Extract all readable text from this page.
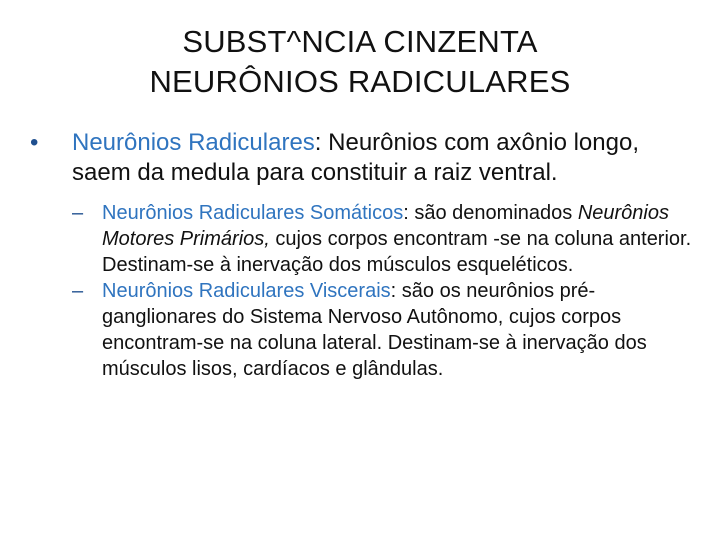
SUBST^NCIA CINZENTA
NEURÔNIOS RADICULARES
•	Neurônios Radiculares: Neurônios com axônio longo, saem da medula para constituir a raiz ventral.
– Neurônios Radiculares Somáticos: são denominados Neurônios Motores Primários, cujos corpos encontram -se na coluna anterior. Destinam-se à inervação dos músculos esqueléticos.
– Neurônios Radiculares Viscerais: são os neurônios pré-ganglionares do Sistema Nervoso Autônomo, cujos corpos encontram-se na coluna lateral. Destinam-se à inervação dos músculos lisos, cardíacos e glândulas.
